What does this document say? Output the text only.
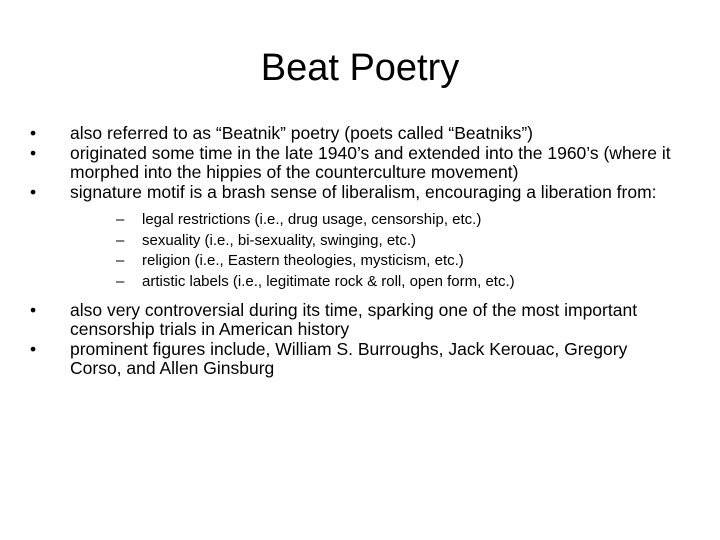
Beat Poetry
•	also referred to as “Beatnik” poetry (poets called “Beatniks”)
•	originated some time in the late 1940’s and extended into the 1960’s (where it morphed into the hippies of the counterculture movement)
•	signature motif is a brash sense of liberalism, encouraging a liberation from:
– legal restrictions (i.e., drug usage, censorship, etc.)
– sexuality (i.e., bi-sexuality, swinging, etc.)
– religion (i.e., Eastern theologies, mysticism, etc.)
– artistic labels (i.e., legitimate rock & roll, open form, etc.)
•	also very controversial during its time, sparking one of the most important censorship trials in American history
•	prominent figures include, William S. Burroughs, Jack Kerouac, Gregory Corso, and Allen Ginsburg
